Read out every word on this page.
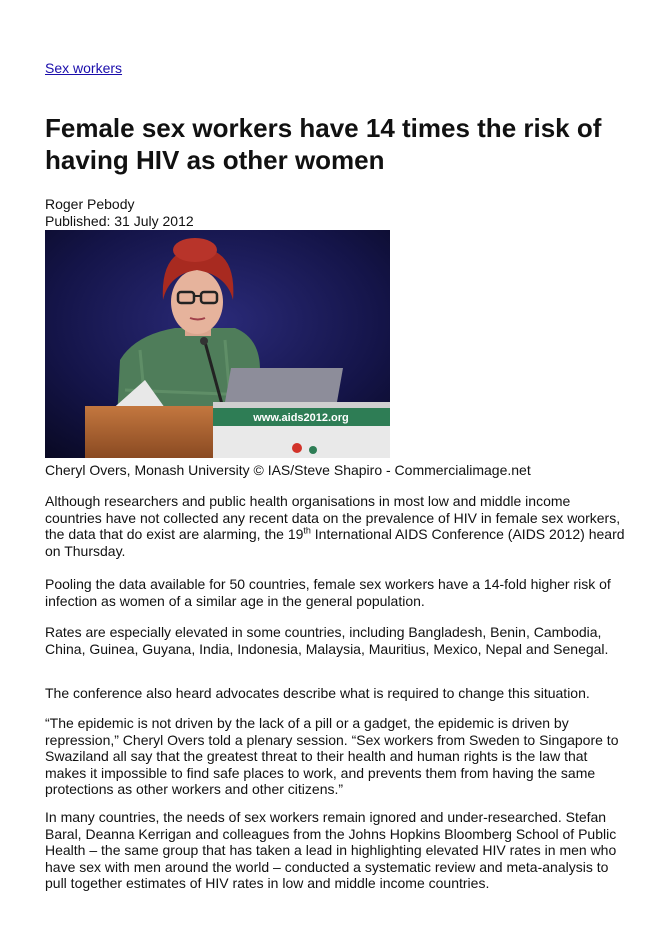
Sex workers
Female sex workers have 14 times the risk of having HIV as other women
Roger Pebody
Published: 31 July 2012
www.aids2012.org
Cheryl Overs, Monash University © IAS/Steve Shapiro - Commercialimage.net

Although researchers and public health organisations in most low and middle income countries have not collected any recent data on the prevalence of HIV in female sex workers, the data that do exist are alarming, the 19th International AIDS Conference (AIDS 2012) heard on Thursday.

Pooling the data available for 50 countries, female sex workers have a 14-fold higher risk of infection as women of a similar age in the general population.

Rates are especially elevated in some countries, including Bangladesh, Benin, Cambodia, China, Guinea, Guyana, India, Indonesia, Malaysia, Mauritius, Mexico, Nepal and Senegal.

The conference also heard advocates describe what is required to change this situation.

“The epidemic is not driven by the lack of a pill or a gadget, the epidemic is driven by repression,” Cheryl Overs told a plenary session. “Sex workers from Sweden to Singapore to Swaziland all say that the greatest threat to their health and human rights is the law that makes it impossible to find safe places to work, and prevents them from having the same protections as other workers and other citizens.”

In many countries, the needs of sex workers remain ignored and under-researched. Stefan Baral, Deanna Kerrigan and colleagues from the Johns Hopkins Bloomberg School of Public Health – the same group that has taken a lead in highlighting elevated HIV rates in men who have sex with men around the world – conducted a systematic review and meta-analysis to pull together estimates of HIV rates in low and middle income countries.
